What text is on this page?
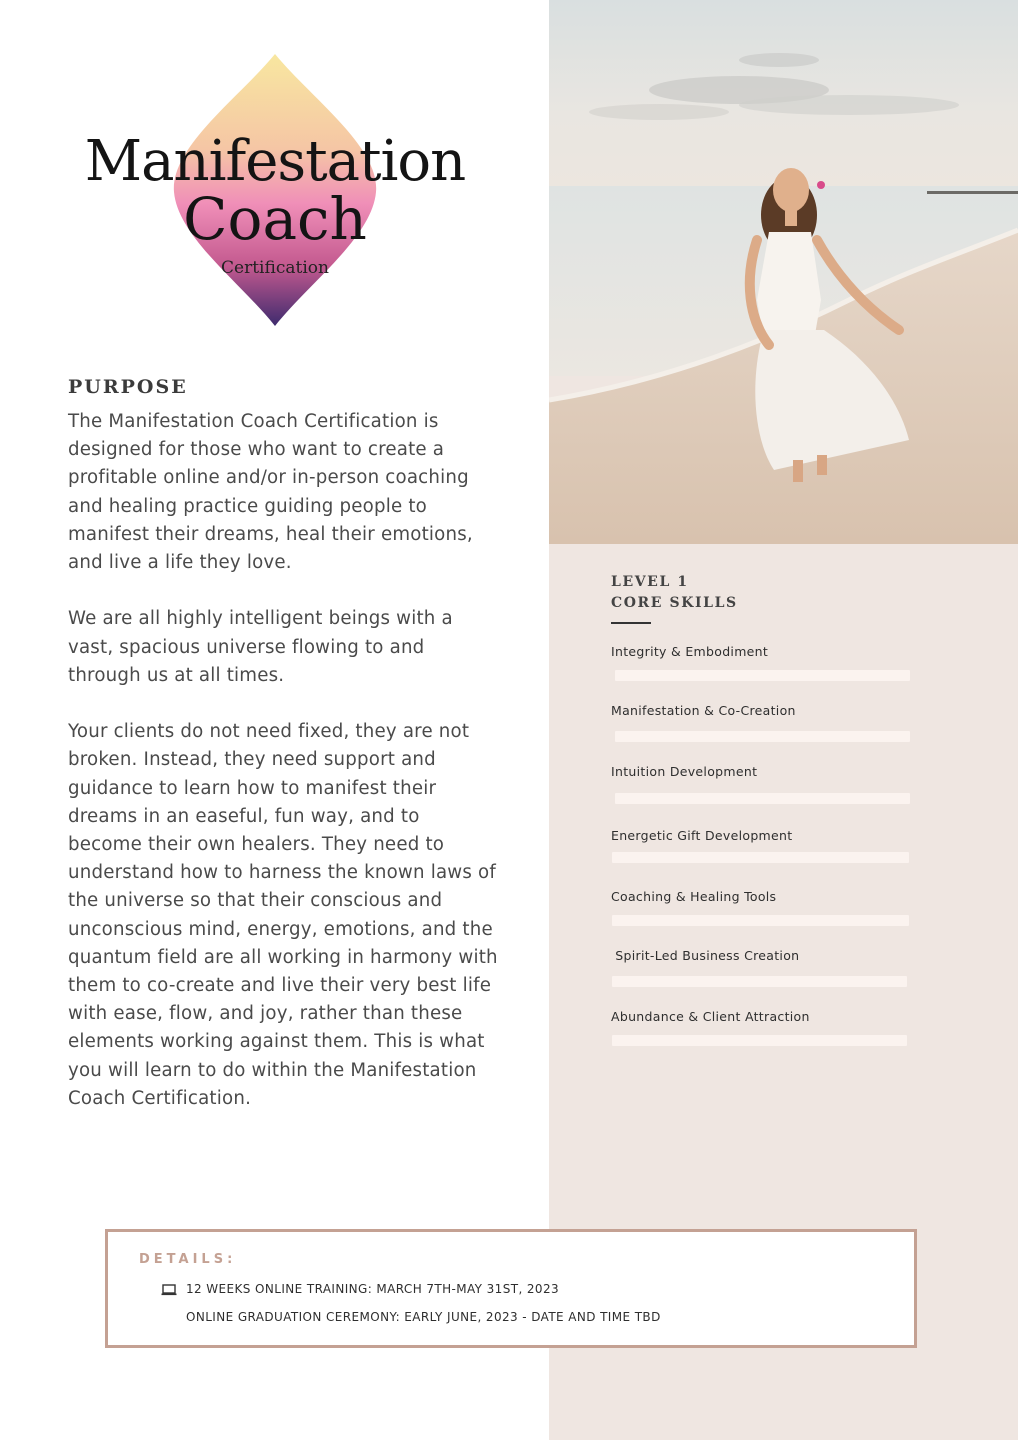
Manifestation
Coach
Certification
PURPOSE

The Manifestation Coach Certification is designed for those who want to create a profitable online and/or in-person coaching and healing practice guiding people to manifest their dreams, heal their emotions, and live a life they love.

We are all highly intelligent beings with a vast, spacious universe flowing to and through us at all times.

Your clients do not need fixed, they are not broken. Instead, they need support and guidance to learn how to manifest their dreams in an easeful, fun way, and to become their own healers. They need to understand how to harness the known laws of the universe so that their conscious and unconscious mind, energy, emotions, and the quantum field are all working in harmony with them to co-create and live their very best life with ease, flow, and joy, rather than these elements working against them. This is what you will learn to do within the Manifestation Coach Certification.

LEVEL 1
CORE SKILLS
Integrity & Embodiment
Manifestation & Co-Creation
Intuition Development
Energetic Gift Development
Coaching & Healing Tools
Spirit-Led Business Creation
Abundance & Client Attraction
DETAILS:
12 WEEKS ONLINE TRAINING: MARCH 7TH-MAY 31ST, 2023
ONLINE GRADUATION CEREMONY: EARLY JUNE, 2023 - DATE AND TIME TBD
